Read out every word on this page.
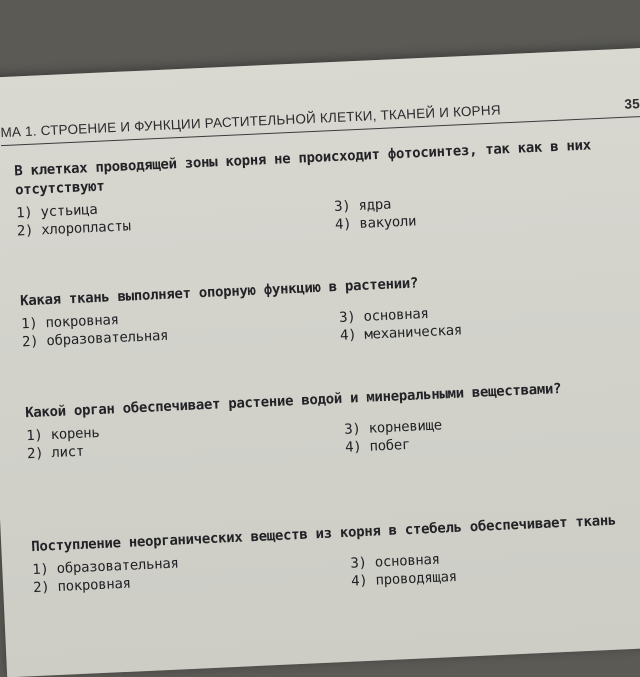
МА 1. СТРОЕНИЕ И ФУНКЦИИ РАСТИТЕЛЬНОЙ КЛЕТКИ, ТКАНЕЙ И КОРНЯ	35
В клетках проводящей зоны корня не происходит фотосинтез, так как в них отсутствуют
1) устьица
2) хлоропласты
3) ядра
4) вакуоли
Какая ткань выполняет опорную функцию в растении?
1) покровная
2) образовательная
3) основная
4) механическая
Какой орган обеспечивает растение водой и минеральными веществами?
1) корень
2) лист
3) корневище
4) побег
Поступление неорганических веществ из корня в стебель обеспечивает ткань
1) образовательная
2) покровная
3) основная
4) проводящая
